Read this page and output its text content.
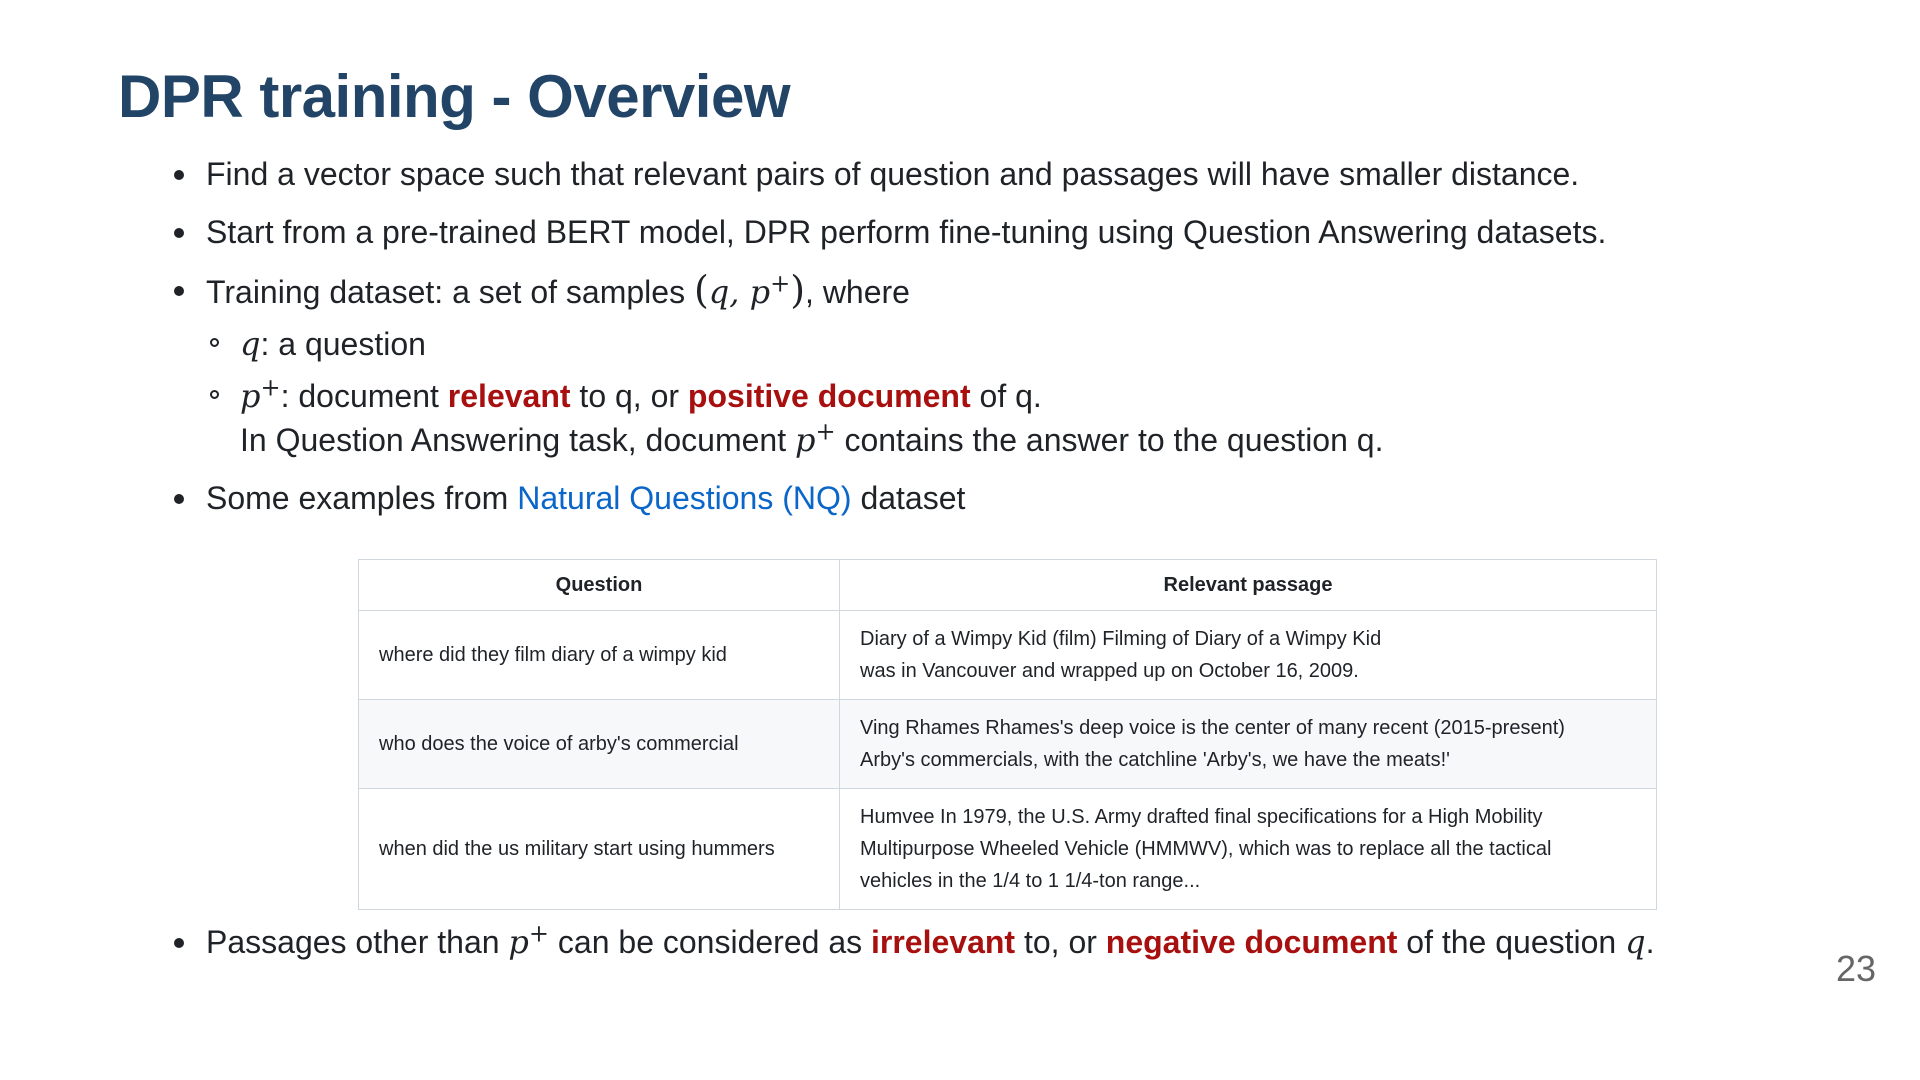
DPR training - Overview
Find a vector space such that relevant pairs of question and passages will have smaller distance.
Start from a pre-trained BERT model, DPR perform fine-tuning using Question Answering datasets.
Training dataset: a set of samples (q, p+), where
q: a question
p+: document relevant to q, or positive document of q.
In Question Answering task, document p+ contains the answer to the question q.
Some examples from Natural Questions (NQ) dataset
Question	Relevant passage
where did they film diary of a wimpy kid	Diary of a Wimpy Kid (film) Filming of Diary of a Wimpy Kid
was in Vancouver and wrapped up on October 16, 2009.
who does the voice of arby's commercial	Ving Rhames Rhames's deep voice is the center of many recent (2015-present)
Arby's commercials, with the catchline 'Arby's, we have the meats!'
when did the us military start using hummers	Humvee In 1979, the U.S. Army drafted final specifications for a High Mobility
Multipurpose Wheeled Vehicle (HMMWV), which was to replace all the tactical
vehicles in the 1/4 to 1 1/4-ton range...
Passages other than p+ can be considered as irrelevant to, or negative document of the question q.
23
